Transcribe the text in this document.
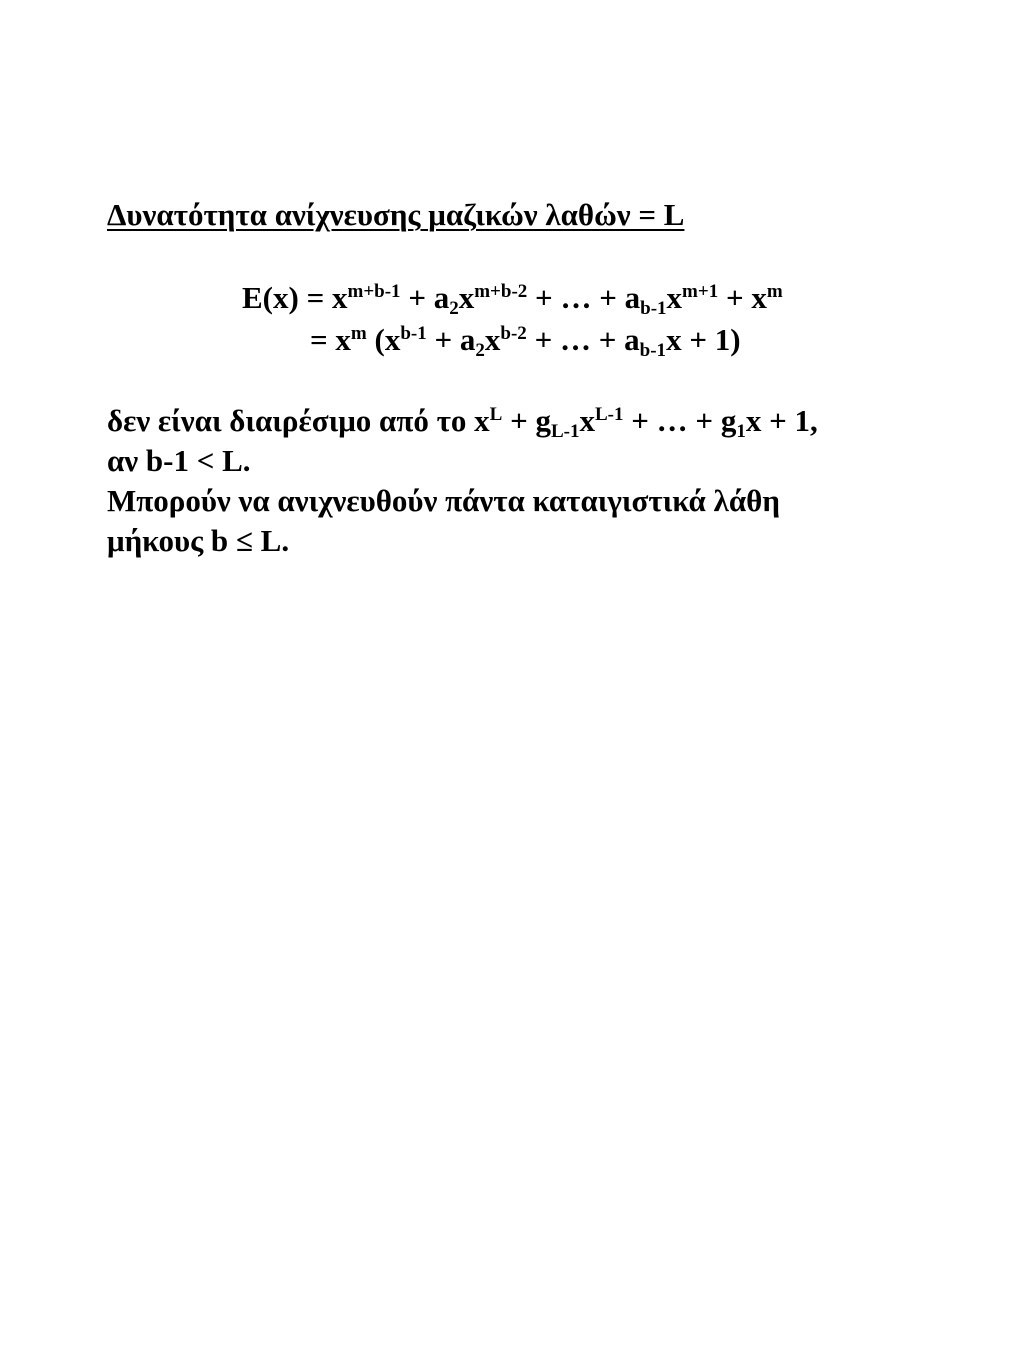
Δυνατότητα ανίχνευσης μαζικών λαθών = L
$E(x) = x^{m+b-1} + a_2x^{m+b-2}$ + … + $a_{b-1}x^{m+1} + x^m$
= $x^m$ ($x^{b-1} + a_2x^{b-2}$ + … + $a_{b-1}x + 1$)
δεν είναι διαιρέσιμο από το $x^L + g_{L-1}x^{L-1}$ + … + $g_1x + 1$,
αν b-1 < L.
Μπορούν να ανιχνευθούν πάντα καταιγιστικά λάθη
μήκους b ≤ L.
